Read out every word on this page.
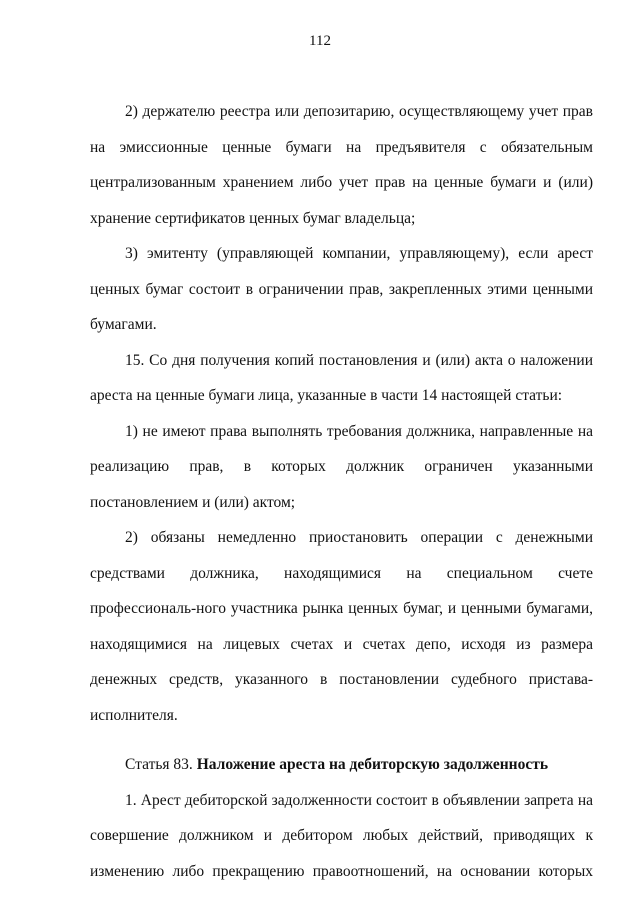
112

2) держателю реестра или депозитарию, осуществляющему учет прав на эмиссионные ценные бумаги на предъявителя с обязательным централизованным хранением либо учет прав на ценные бумаги и (или) хранение сертификатов ценных бумаг владельца;

3) эмитенту (управляющей компании, управляющему), если арест ценных бумаг состоит в ограничении прав, закрепленных этими ценными бумагами.

15. Со дня получения копий постановления и (или) акта о наложении ареста на ценные бумаги лица, указанные в части 14 настоящей статьи:

1) не имеют права выполнять требования должника, направленные на реализацию прав, в которых должник ограничен указанными постановлением и (или) актом;

2) обязаны немедленно приостановить операции с денежными средствами должника, находящимися на специальном счете профессиональ-ного участника рынка ценных бумаг, и ценными бумагами, находящимися на лицевых счетах и счетах депо, исходя из размера денежных средств, указанного в постановлении судебного пристава-исполнителя.

Статья 83. Наложение ареста на дебиторскую задолженность

1. Арест дебиторской задолженности состоит в объявлении запрета на совершение должником и дебитором любых действий, приводящих к изменению либо прекращению правоотношений, на основании которых
